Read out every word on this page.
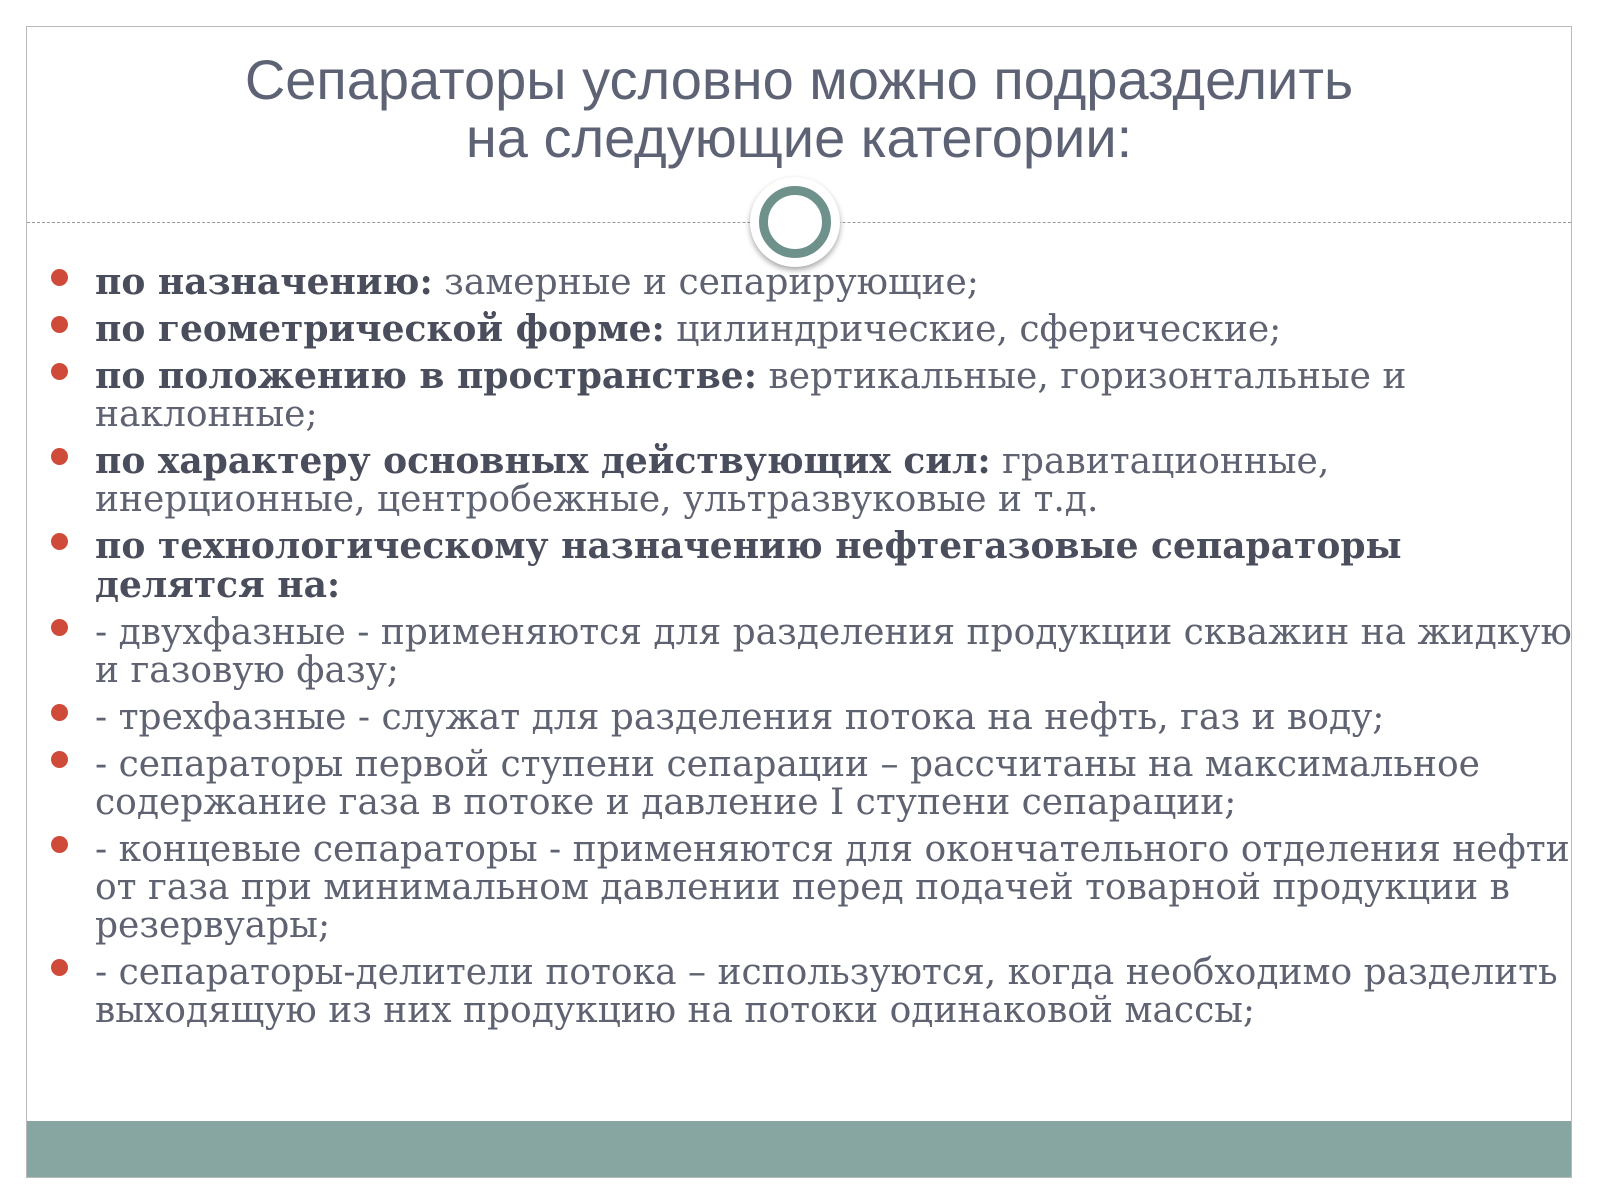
Сепараторы условно можно подразделить
на следующие категории:
по назначению: замерные и сепарирующие;
по геометрической форме: цилиндрические, сферические;
по положению в пространстве: вертикальные, горизонтальные и наклонные;
по характеру основных действующих сил: гравитационные, инерционные, центробежные, ультразвуковые и т.д.
по технологическому назначению нефтегазовые сепараторы делятся на:
- двухфазные - применяются для разделения продукции скважин на жидкую и газовую фазу;
- трехфазные - служат для разделения потока на нефть, газ и воду;
- сепараторы первой ступени сепарации – рассчитаны на максимальное содержание газа в потоке и давление I ступени сепарации;
- концевые сепараторы - применяются для окончательного отделения нефти от газа при минимальном давлении перед подачей товарной продукции в резервуары;
- сепараторы-делители потока – используются, когда необходимо разделить выходящую из них продукцию на потоки одинаковой массы;
